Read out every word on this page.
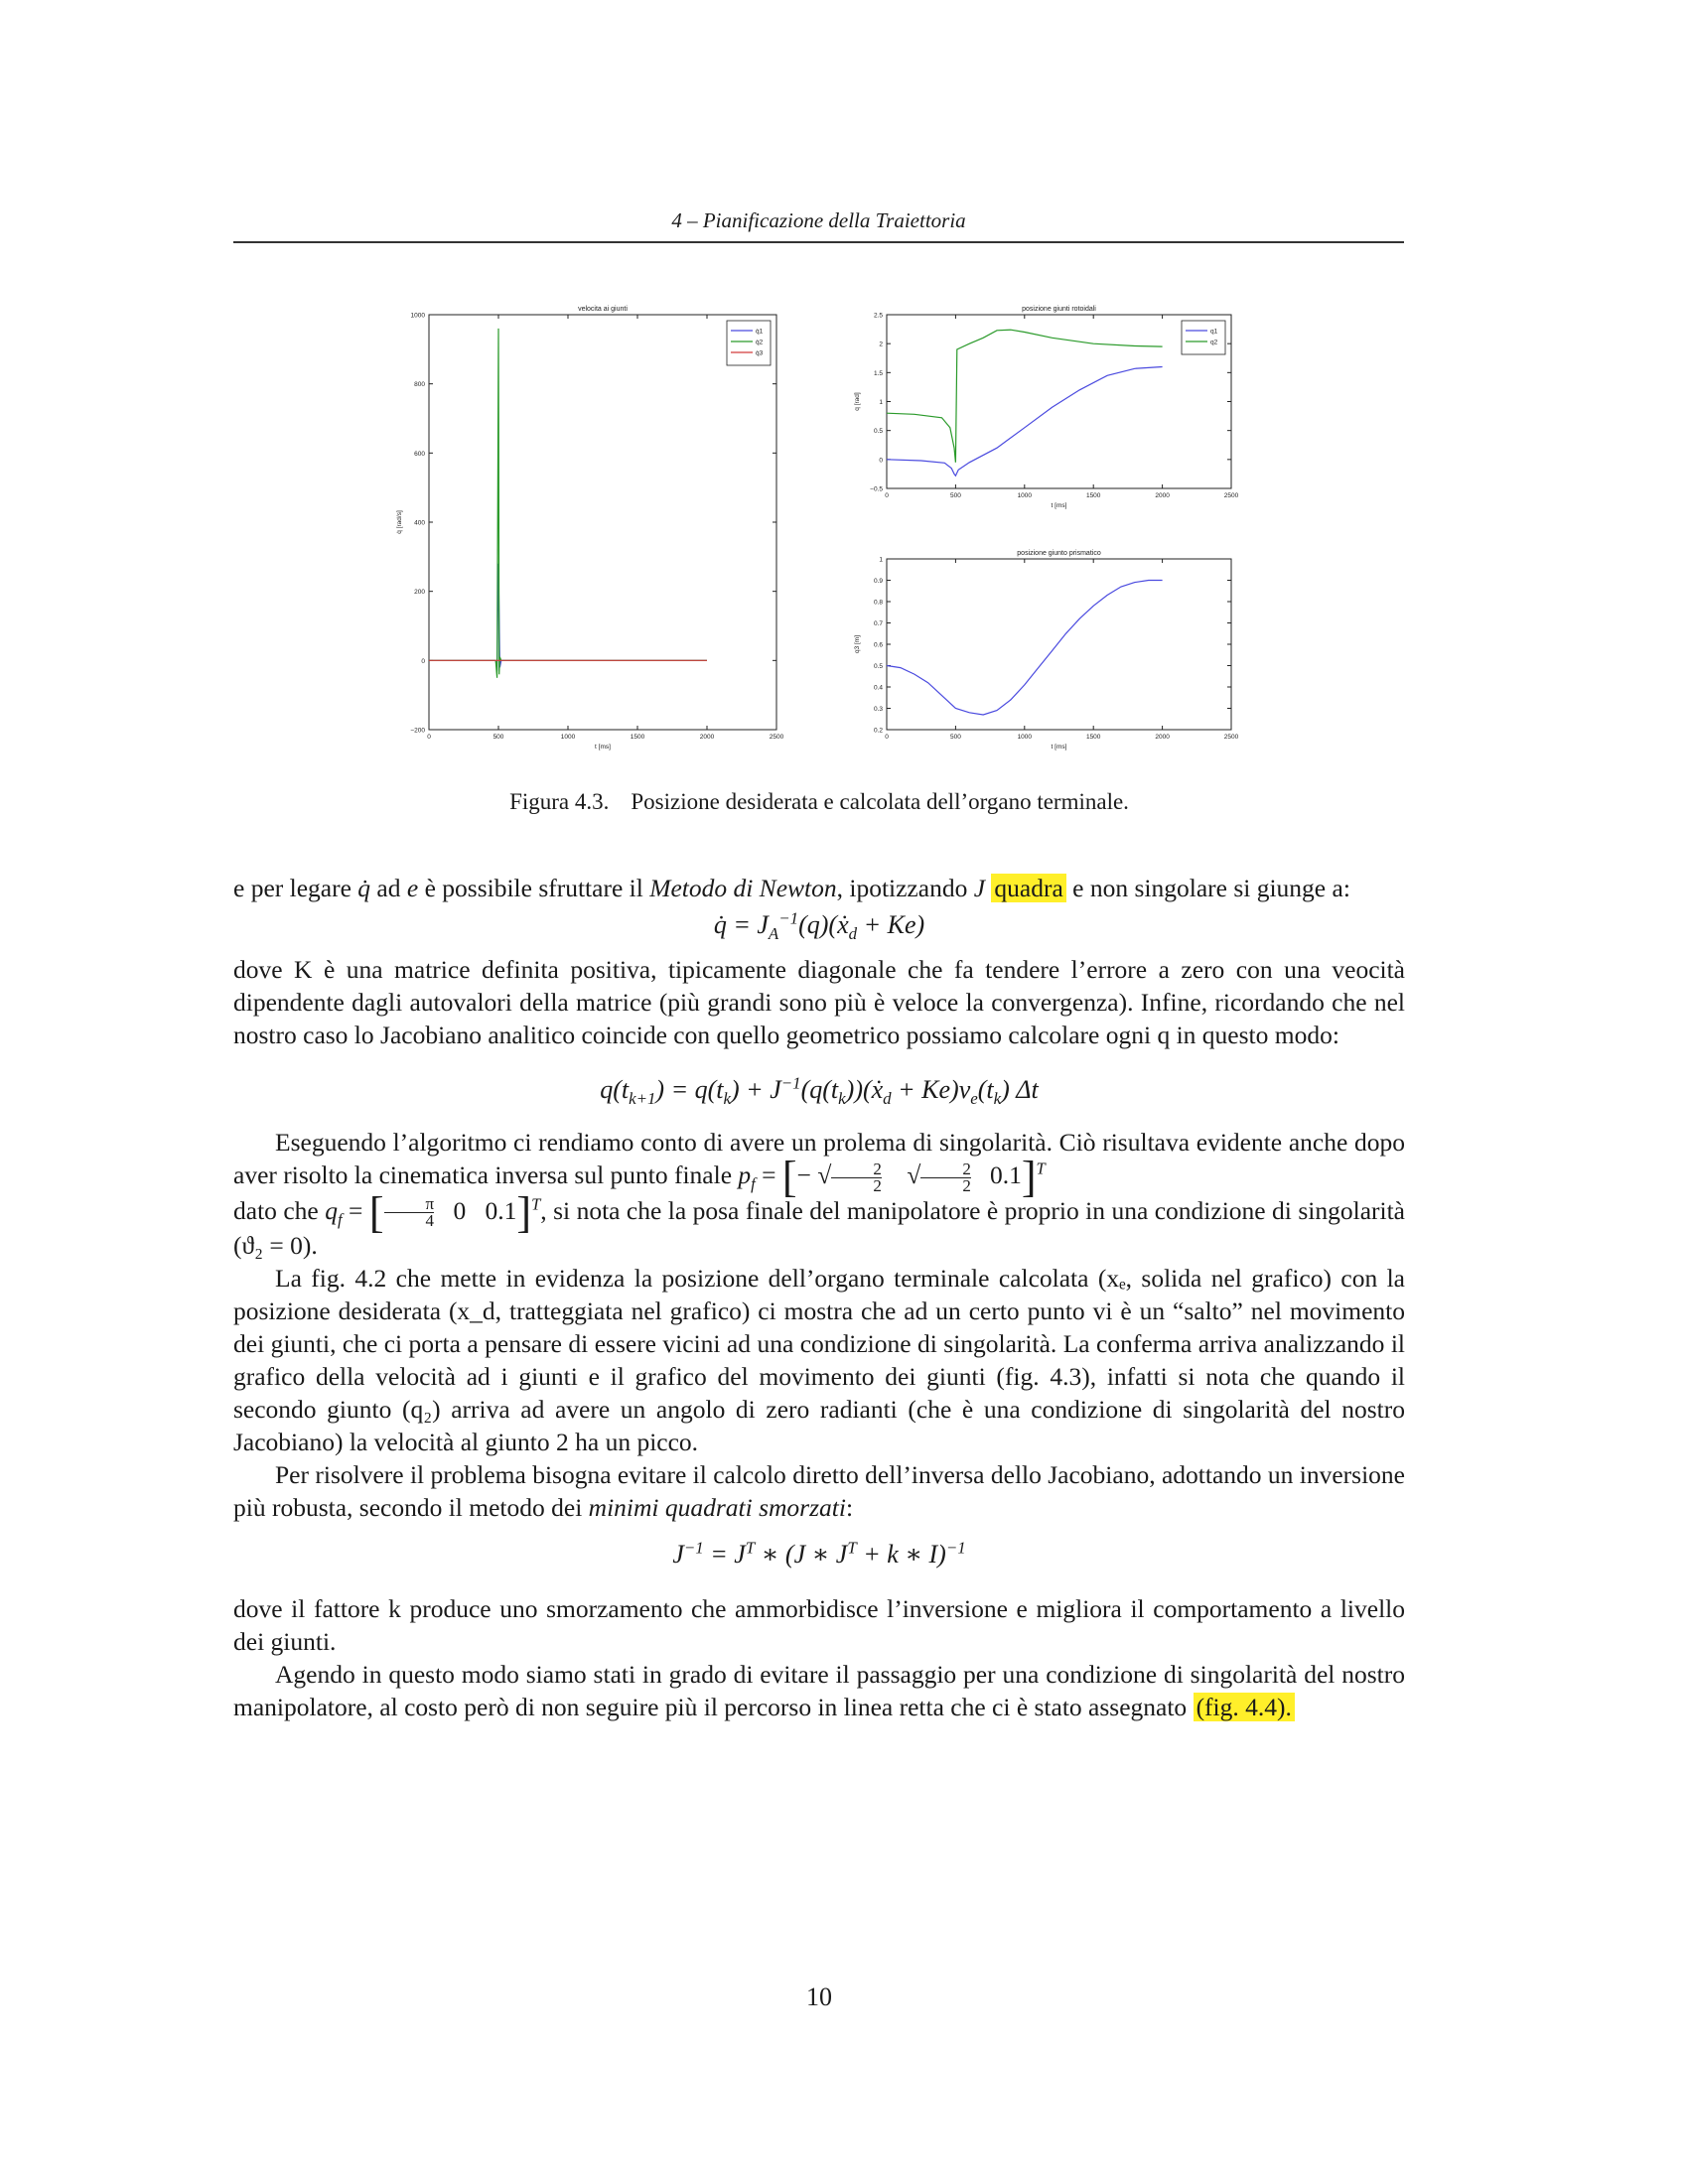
4 – Pianificazione della Traiettoria
0	500	1000	1500	2000	2500
−200
0
200
400
600
800
1000
velocita ai giunti
t [ms]
q̇ [rad/s]
q̇1
q̇2
q̇3
0	500	1000	1500	2000	2500
−0.5
0
0.5
1
1.5
2
2.5
posizione giunti rotoidali
t [ms]
q [rad]
q1
q2
0	500	1000	1500	2000	2500
0.2
0.3
0.4
0.5
0.6
0.7
0.8
0.9
1
posizione giunto prismatico
t [ms]
q3 [m]
Figura 4.3. Posizione desiderata e calcolata dell’organo terminale.

e per legare q̇ ad e è possibile sfruttare il Metodo di Newton, ipotizzando J quadra e non singolare si giunge a:

q̇ = $J_A^{-1}(q)(ẋ_d + Ke)$

dove K è una matrice definita positiva, tipicamente diagonale che fa tendere l’errore a zero con una veocità dipendente dagli autovalori della matrice (più grandi sono più è veloce la convergenza). Infine, ricordando che nel nostro caso lo Jacobiano analitico coincide con quello geometrico possiamo calcolare ogni q in questo modo:

$q(t_{k+1}) = q(t_k)$ + $J^{-1}(q(t_k))(ẋ_d + Ke)v_e(t_k)$ Δt

Eseguendo l’algoritmo ci rendiamo conto di avere un prolema di singolarità. Ciò risultava evidente anche dopo aver risolto la cinematica inversa sul punto finale $p_f$ = [− √ $\frac{2}{2}$ √ $\frac{2}{2} 0.1]^T$
dato che $q_f$ = [ $\frac{\pi}{4} 0$   0.1]$^T$, si nota che la posa finale del manipolatore è proprio in una condizione di singolarità (ϑ₂ = 0).

La fig. 4.2 che mette in evidenza la posizione dell’organo terminale calcolata (xₑ, solida nel grafico) con la posizione desiderata (x_d, tratteggiata nel grafico) ci mostra che ad un certo punto vi è un “salto” nel movimento dei giunti, che ci porta a pensare di essere vicini ad una condizione di singolarità. La conferma arriva analizzando il grafico della velocità ad i giunti e il grafico del movimento dei giunti (fig. 4.3), infatti si nota che quando il secondo giunto (q₂) arriva ad avere un angolo di zero radianti (che è una condizione di singolarità del nostro Jacobiano) la velocità al giunto 2 ha un picco.

Per risolvere il problema bisogna evitare il calcolo diretto dell’inversa dello Jacobiano, adottando un inversione più robusta, secondo il metodo dei minimi quadrati smorzati:

$J^{-1} = J^T$ ∗ (J ∗ $J^T + k$ ∗ I)$^{-1}$

dove il fattore k produce uno smorzamento che ammorbidisce l’inversione e migliora il comportamento a livello dei giunti.

Agendo in questo modo siamo stati in grado di evitare il passaggio per una condizione di singolarità del nostro manipolatore, al costo però di non seguire più il percorso in linea retta che ci è stato assegnato (fig. 4.4).

10
